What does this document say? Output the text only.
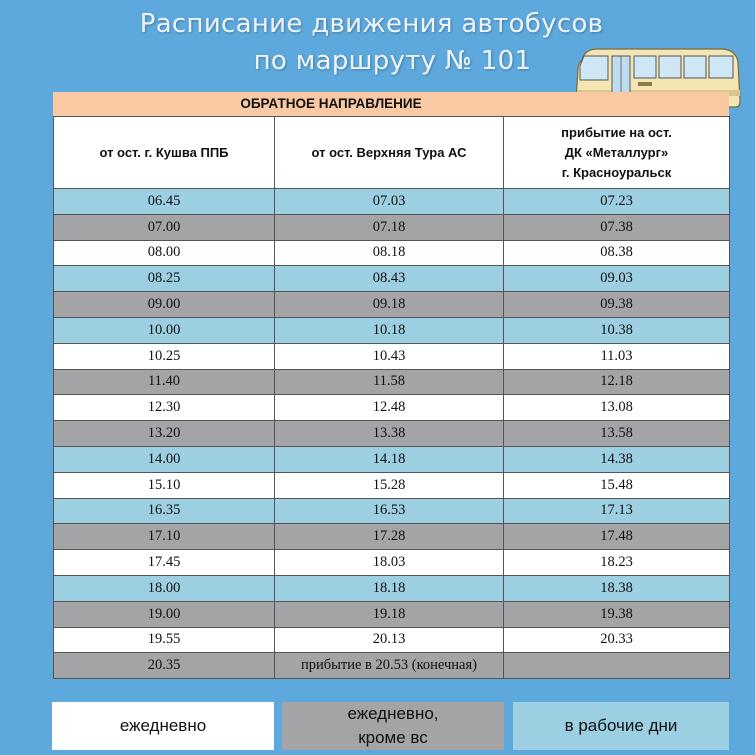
Расписание движения автобусов
по маршруту № 101
ОБРАТНОЕ НАПРАВЛЕНИЕ
от ост. г. Кушва ППБ	от ост. Верхняя Тура АС	прибытие на ост.
ДК «Металлург»
г. Красноуральск
06.45	07.03	07.23
07.00	07.18	07.38
08.00	08.18	08.38
08.25	08.43	09.03
09.00	09.18	09.38
10.00	10.18	10.38
10.25	10.43	11.03
11.40	11.58	12.18
12.30	12.48	13.08
13.20	13.38	13.58
14.00	14.18	14.38
15.10	15.28	15.48
16.35	16.53	17.13
17.10	17.28	17.48
17.45	18.03	18.23
18.00	18.18	18.38
19.00	19.18	19.38
19.55	20.13	20.33
20.35	прибытие в 20.53 (конечная)	
ежедневно
ежедневно,
кроме вс
в рабочие дни
